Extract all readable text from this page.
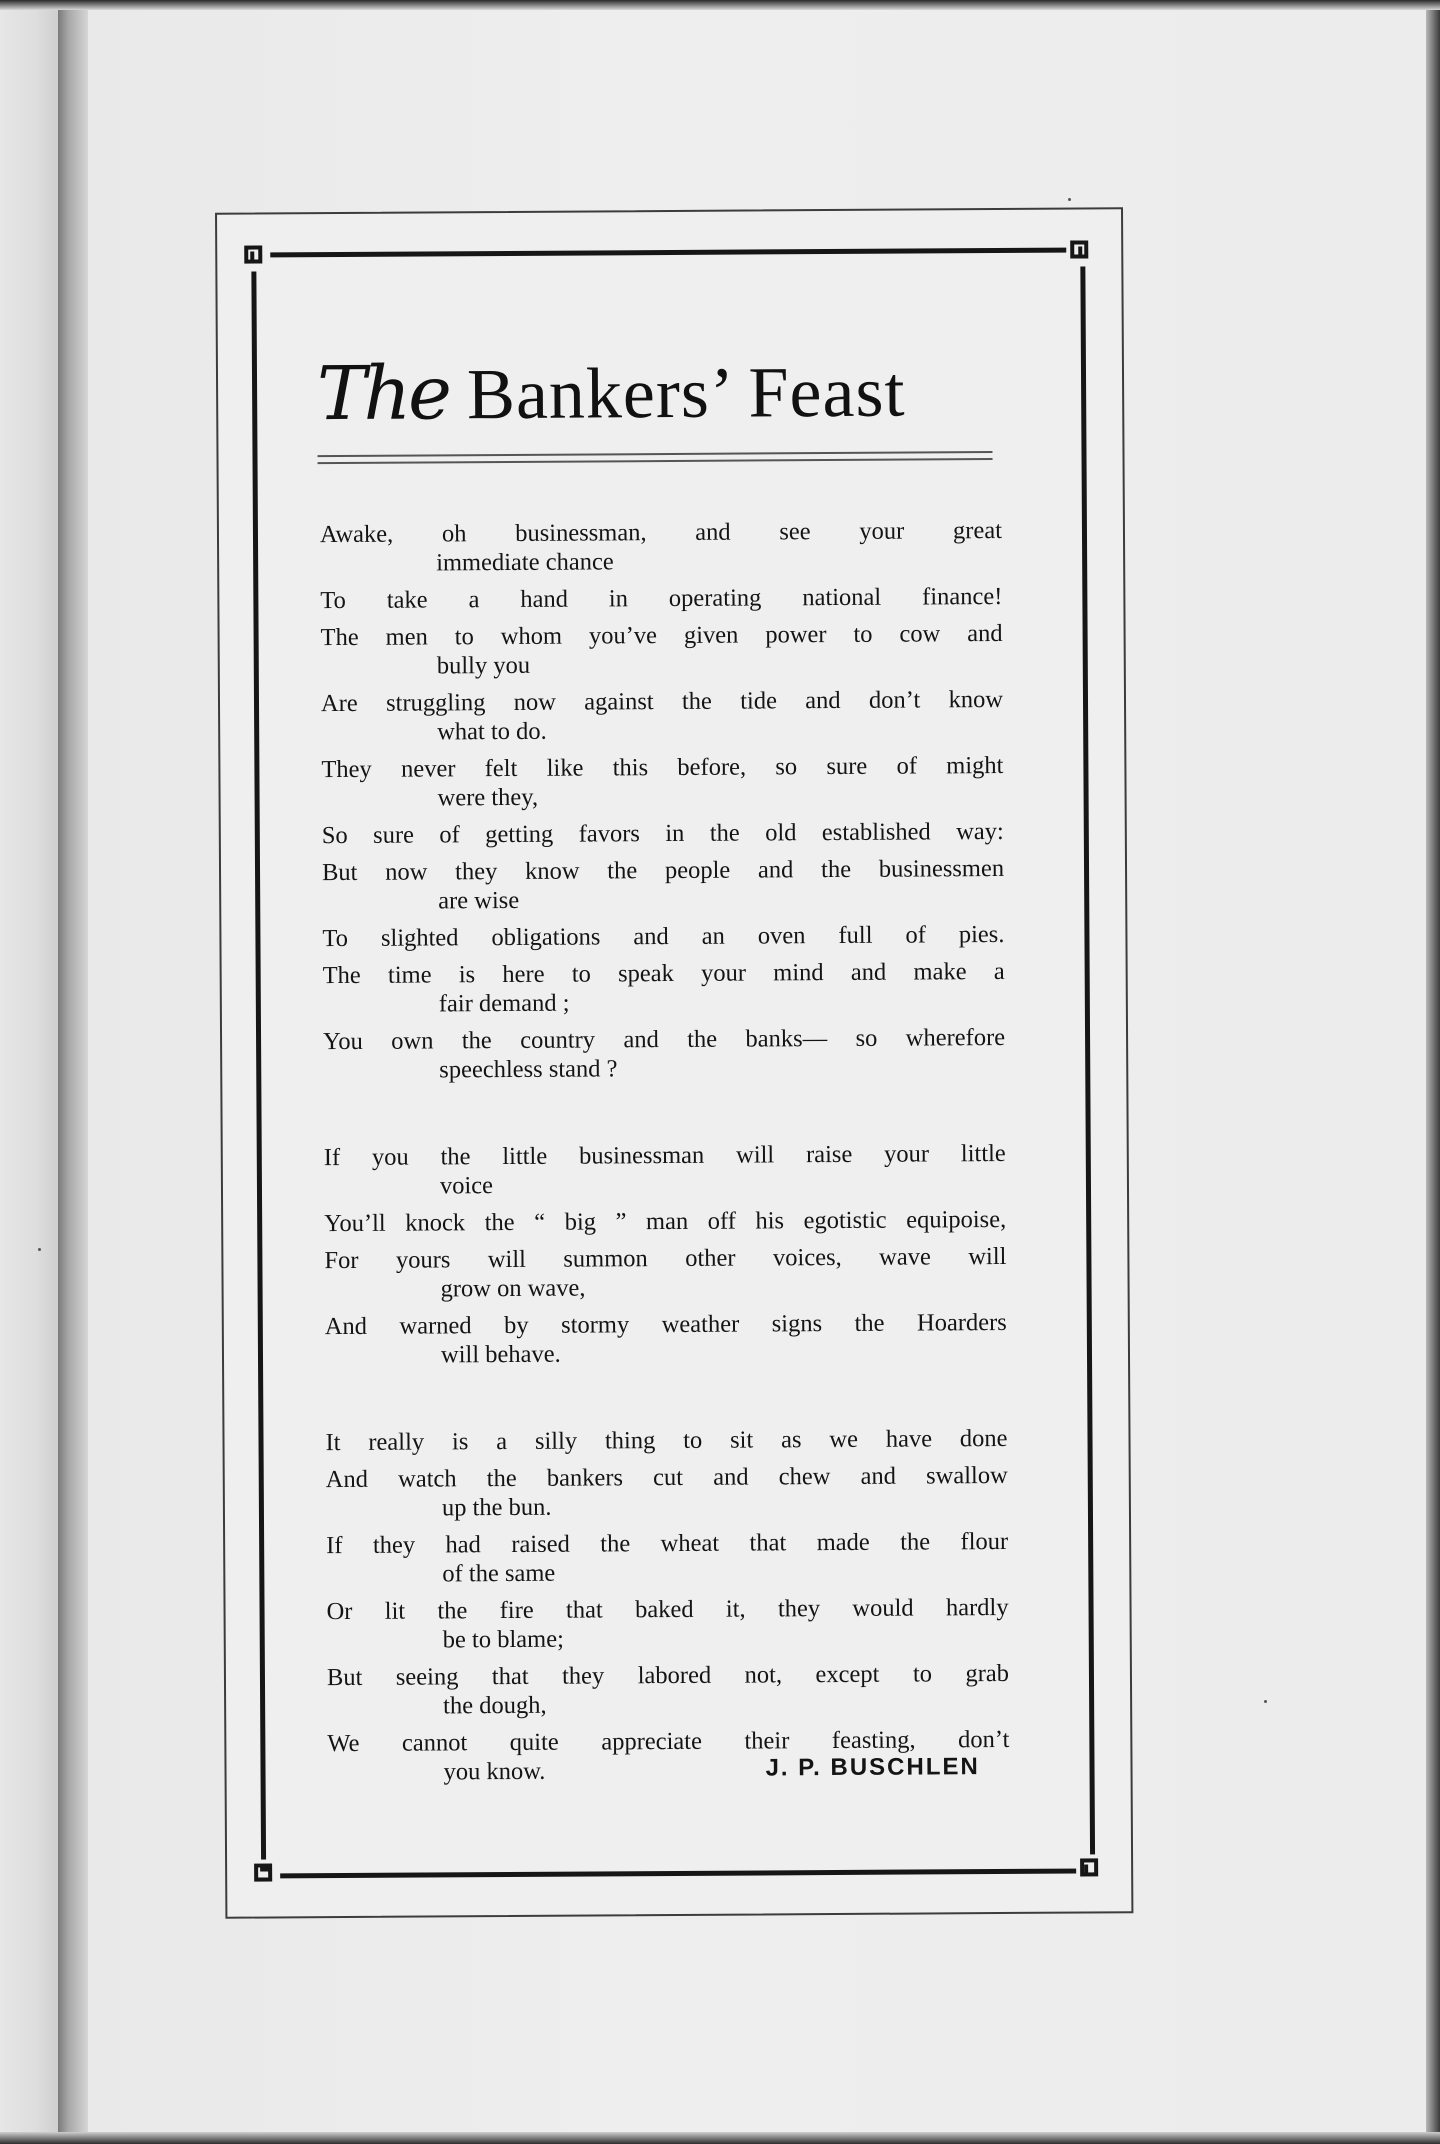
The Bankers’ Feast
Awake, oh businessman, and see your great
immediate chance
To take a hand in operating national finance!
The men to whom you’ve given power to cow and
bully you
Are struggling now against the tide and don’t know
what to do.
They never felt like this before, so sure of might
were they,
So sure of getting favors in the old established way:
But now they know the people and the businessmen
are wise
To slighted obligations and an oven full of pies.
The time is here to speak your mind and make a
fair demand ;
You own the country and the banks— so wherefore
speechless stand ?
If you the little businessman will raise your little
voice
You’ll knock the “ big ” man off his egotistic equipoise,
For yours will summon other voices, wave will
grow on wave,
And warned by stormy weather signs the Hoarders
will behave.
It really is a silly thing to sit as we have done
And watch the bankers cut and chew and swallow
up the bun.
If they had raised the wheat that made the flour
of the same
Or lit the fire that baked it, they would hardly
be to blame;
But seeing that they labored not, except to grab
the dough,
We cannot quite appreciate their feasting, don’t
you know.	J. P. BUSCHLEN
